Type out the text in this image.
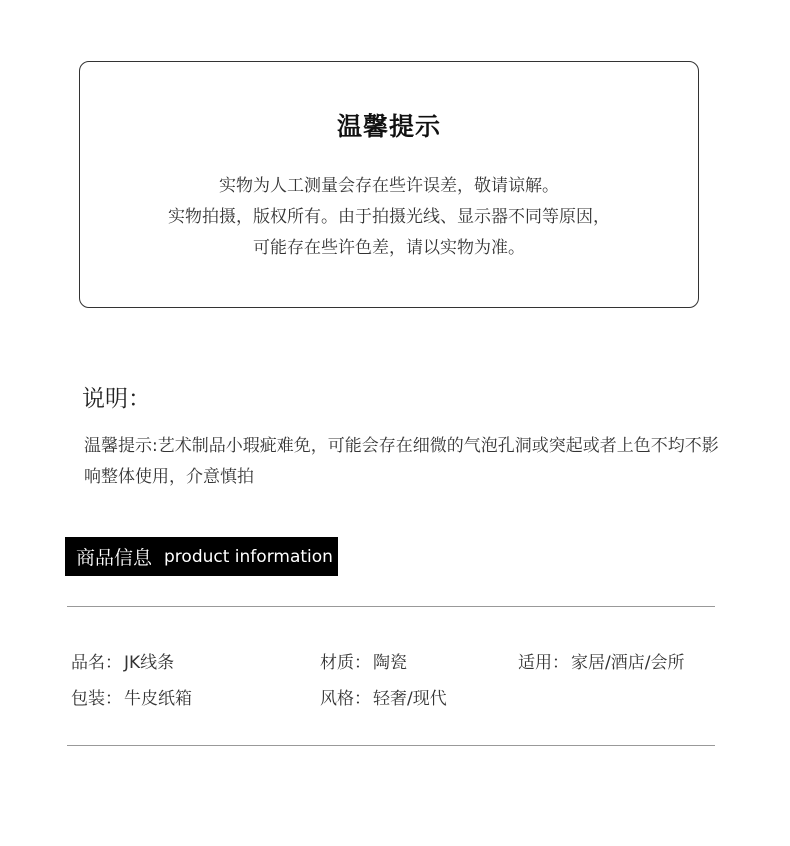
温馨提示
实物为人工测量会存在些许误差，敬请谅解。
实物拍摄，版权所有。由于拍摄光线、显示器不同等原因，
可能存在些许色差，请以实物为准。
说明：
温馨提示:艺术制品小瑕疵难免，可能会存在细微的气泡孔洞或突起或者上色不均不影响整体使用，介意慎拍
商品信息 product information
品名： JK线条	材质： 陶瓷	适用： 家居/酒店/会所
包装： 牛皮纸箱	风格： 轻奢/现代
